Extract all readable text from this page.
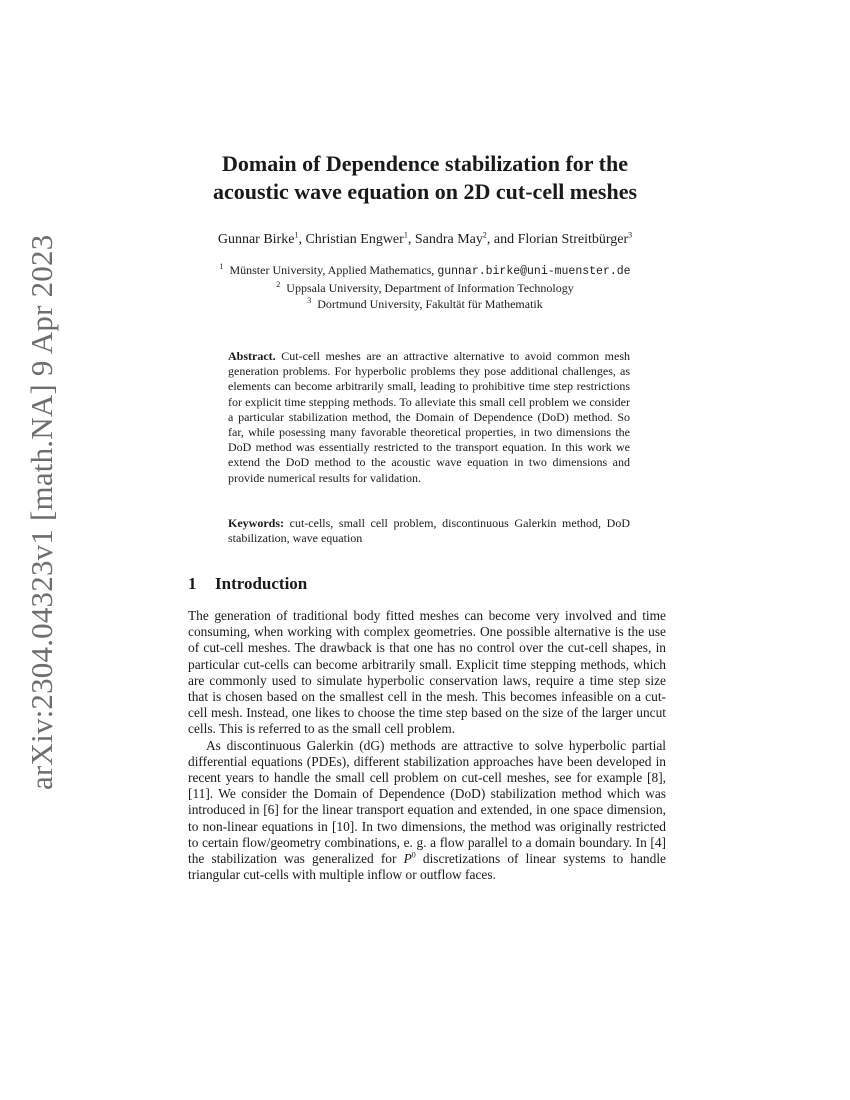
arXiv:2304.04323v1 [math.NA] 9 Apr 2023
Domain of Dependence stabilization for the
acoustic wave equation on 2D cut-cell meshes
Gunnar Birke$^1$, Christian Engwer$^1$, Sandra May$^2$, and Florian Streitbürger$^3$
$^1$ Münster University, Applied Mathematics, gunnar.birke@uni-muenster.de
$^2$ Uppsala University, Department of Information Technology
$^3$ Dortmund University, Fakultät für Mathematik
Abstract. Cut-cell meshes are an attractive alternative to avoid common mesh generation problems. For hyperbolic problems they pose additional challenges, as elements can become arbitrarily small, leading to prohibitive time step restrictions for explicit time stepping methods. To alleviate this small cell problem we consider a particular stabilization method, the Domain of Dependence (DoD) method. So far, while posessing many favorable theoretical properties, in two dimensions the DoD method was essentially restricted to the transport equation. In this work we extend the DoD method to the acoustic wave equation in two dimensions and provide numerical results for validation.
Keywords: cut-cells, small cell problem, discontinuous Galerkin method, DoD stabilization, wave equation
1 Introduction

The generation of traditional body fitted meshes can become very involved and time consuming, when working with complex geometries. One possible alternative is the use of cut-cell meshes. The drawback is that one has no control over the cut-cell shapes, in particular cut-cells can become arbitrarily small. Explicit time stepping methods, which are commonly used to simulate hyperbolic conservation laws, require a time step size that is chosen based on the smallest cell in the mesh. This becomes infeasible on a cut-cell mesh. Instead, one likes to choose the time step based on the size of the larger uncut cells. This is referred to as the small cell problem.

As discontinuous Galerkin (dG) methods are attractive to solve hyperbolic partial differential equations (PDEs), different stabilization approaches have been developed in recent years to handle the small cell problem on cut-cell meshes, see for example [8], [11]. We consider the Domain of Dependence (DoD) stabilization method which was introduced in [6] for the linear transport equation and extended, in one space dimension, to non-linear equations in [10]. In two dimensions, the method was originally restricted to certain flow/geometry combinations, e. g. a flow parallel to a domain boundary. In [4] the stabilization was generalized for $P^0$ discretizations of linear systems to handle triangular cut-cells with multiple inflow or outflow faces.
